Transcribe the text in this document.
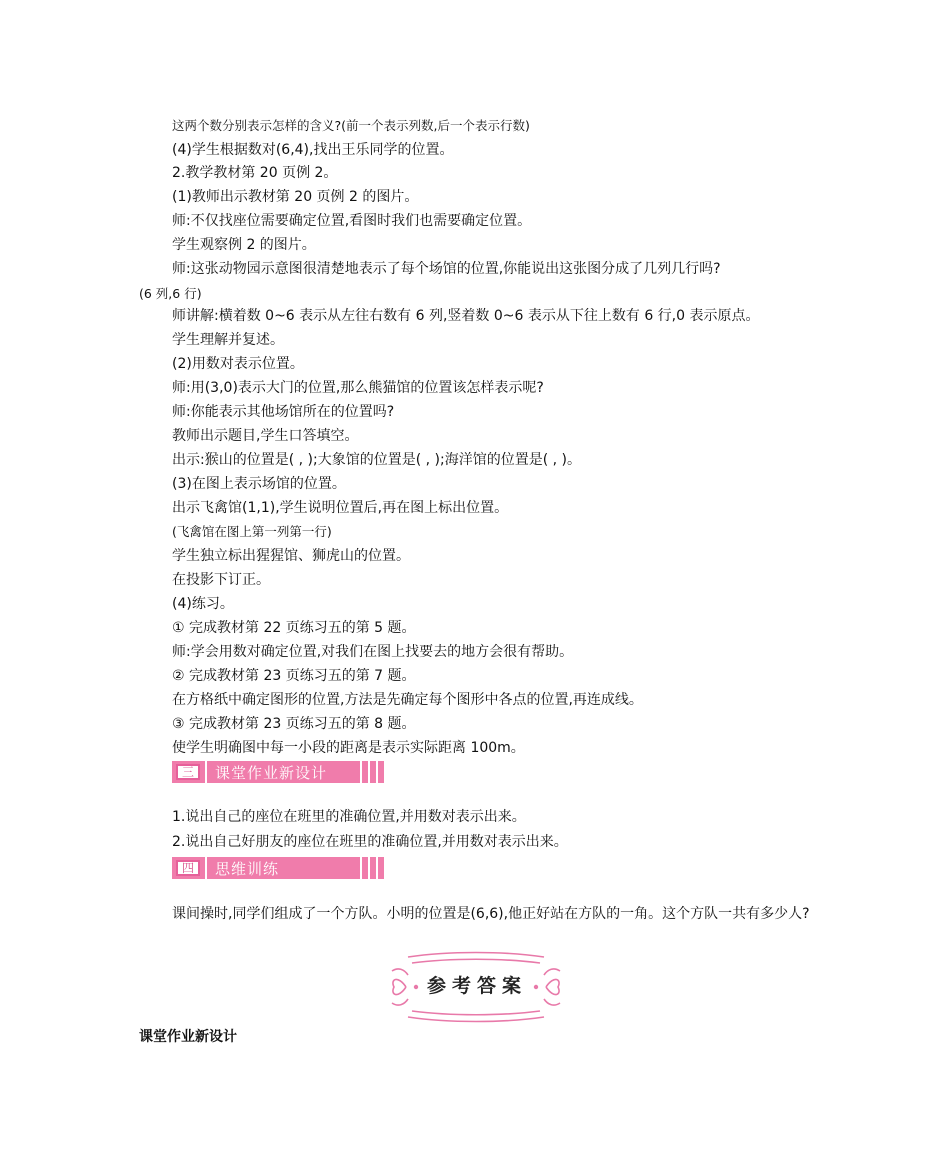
这两个数分别表示怎样的含义?(前一个表示列数,后一个表示行数)
(4)学生根据数对(6,4),找出王乐同学的位置。
2.教学教材第 20 页例 2。
(1)教师出示教材第 20 页例 2 的图片。
师:不仅找座位需要确定位置,看图时我们也需要确定位置。
学生观察例 2 的图片。
师:这张动物园示意图很清楚地表示了每个场馆的位置,你能说出这张图分成了几列几行吗?
(6 列,6 行)
师讲解:横着数 0~6 表示从左往右数有 6 列,竖着数 0~6 表示从下往上数有 6 行,0 表示原点。
学生理解并复述。
(2)用数对表示位置。
师:用(3,0)表示大门的位置,那么熊猫馆的位置该怎样表示呢?
师:你能表示其他场馆所在的位置吗?
教师出示题目,学生口答填空。
出示:猴山的位置是( , );大象馆的位置是( , );海洋馆的位置是( , )。
(3)在图上表示场馆的位置。
出示飞禽馆(1,1),学生说明位置后,再在图上标出位置。
(飞禽馆在图上第一列第一行)
学生独立标出猩猩馆、狮虎山的位置。
在投影下订正。
(4)练习。
① 完成教材第 22 页练习五的第 5 题。
师:学会用数对确定位置,对我们在图上找要去的地方会很有帮助。
② 完成教材第 23 页练习五的第 7 题。
在方格纸中确定图形的位置,方法是先确定每个图形中各点的位置,再连成线。
③ 完成教材第 23 页练习五的第 8 题。
使学生明确图中每一小段的距离是表示实际距离 100m。
三	课堂作业新设计
1.说出自己的座位在班里的准确位置,并用数对表示出来。
2.说出自己好朋友的座位在班里的准确位置,并用数对表示出来。
四	思维训练
课间操时,同学们组成了一个方队。小明的位置是(6,6),他正好站在方队的一角。这个方队一共有多少人?
参考答案
课堂作业新设计
